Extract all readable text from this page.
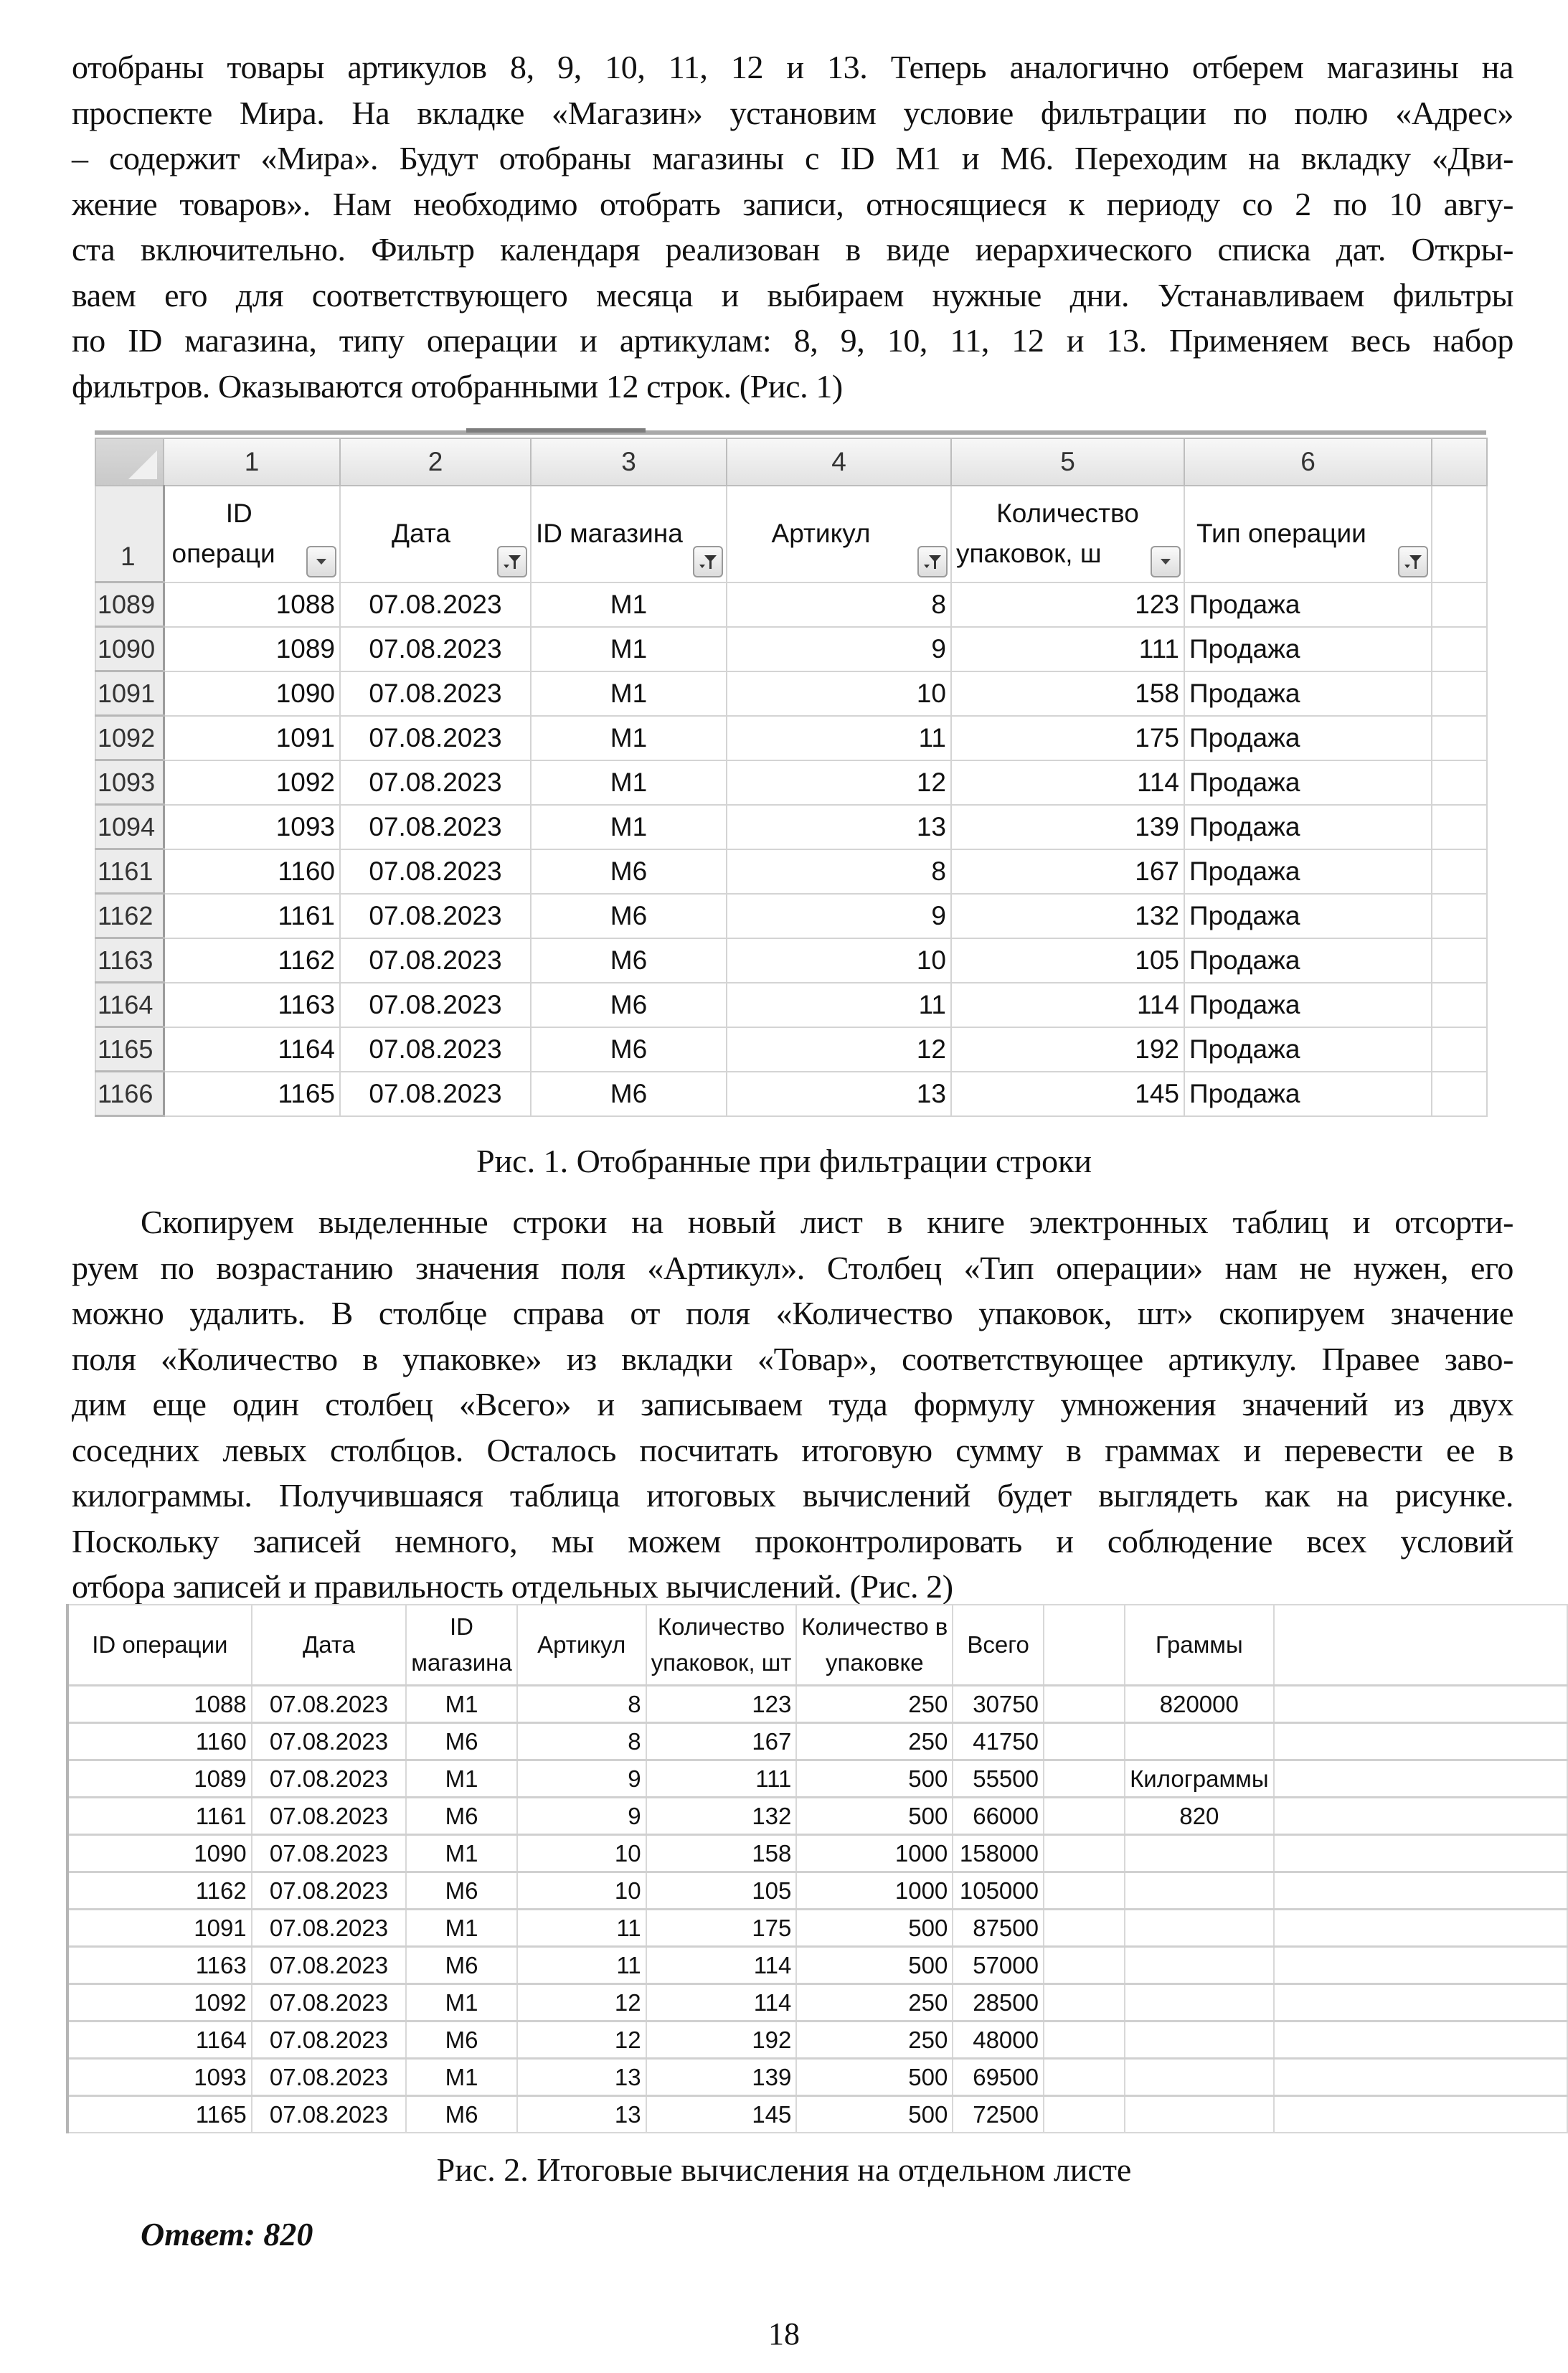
отобраны товары артикулов 8, 9, 10, 11, 12 и 13. Теперь аналогично отберем магазины на
проспекте Мира. На вкладке «Магазин» установим условие фильтрации по полю «Адрес»
– содержит «Мира». Будут отобраны магазины с ID М1 и М6. Переходим на вкладку «Дви-
жение товаров». Нам необходимо отобрать записи, относящиеся к периоду со 2 по 10 авгу-
ста включительно. Фильтр календаря реализован в виде иерархического списка дат. Откры-
ваем его для соответствующего месяца и выбираем нужные дни. Устанавливаем фильтры
по ID магазина, типу операции и артикулам: 8, 9, 10, 11, 12 и 13. Применяем весь набор
фильтров. Оказываются отобранными 12 строк. (Рис. 1)
	1	2	3	4	5	6	
1	ID
операци	Дата	ID магазина	Артикул	Количество
упаковок, ш	Тип операции

1089	1088	07.08.2023	М1	8	123	Продажа	
1090	1089	07.08.2023	М1	9	111	Продажа	
1091	1090	07.08.2023	М1	10	158	Продажа	
1092	1091	07.08.2023	М1	11	175	Продажа	
1093	1092	07.08.2023	М1	12	114	Продажа	
1094	1093	07.08.2023	М1	13	139	Продажа	
1161	1160	07.08.2023	М6	8	167	Продажа	
1162	1161	07.08.2023	М6	9	132	Продажа	
1163	1162	07.08.2023	М6	10	105	Продажа	
1164	1163	07.08.2023	М6	11	114	Продажа	
1165	1164	07.08.2023	М6	12	192	Продажа	
1166	1165	07.08.2023	М6	13	145	Продажа	
Рис. 1. Отобранные при фильтрации строки
Скопируем выделенные строки на новый лист в книге электронных таблиц и отсорти-
руем по возрастанию значения поля «Артикул». Столбец «Тип операции» нам не нужен, его
можно удалить. В столбце справа от поля «Количество упаковок, шт» скопируем значение
поля «Количество в упаковке» из вкладки «Товар», соответствующее артикулу. Правее заво-
дим еще один столбец «Всего» и записываем туда формулу умножения значений из двух
соседних левых столбцов. Осталось посчитать итоговую сумму в граммах и перевести ее в
килограммы. Получившаяся таблица итоговых вычислений будет выглядеть как на рисунке.
Поскольку записей немного, мы можем проконтролировать и соблюдение всех условий
отбора записей и правильность отдельных вычислений. (Рис. 2)
ID операции	Дата	ID
магазина	Артикул	Количество
упаковок, шт	Количество в
упаковке	Всего		Граммы	

1088	07.08.2023	М1	8	123	250	30750		820000	
1160	07.08.2023	М6	8	167	250	41750			
1089	07.08.2023	М1	9	111	500	55500		Килограммы	
1161	07.08.2023	М6	9	132	500	66000		820	
1090	07.08.2023	М1	10	158	1000	158000			
1162	07.08.2023	М6	10	105	1000	105000			
1091	07.08.2023	М1	11	175	500	87500			
1163	07.08.2023	М6	11	114	500	57000			
1092	07.08.2023	М1	12	114	250	28500			
1164	07.08.2023	М6	12	192	250	48000			
1093	07.08.2023	М1	13	139	500	69500			
1165	07.08.2023	М6	13	145	500	72500			
Рис. 2. Итоговые вычисления на отдельном листе
Ответ: 820
18
